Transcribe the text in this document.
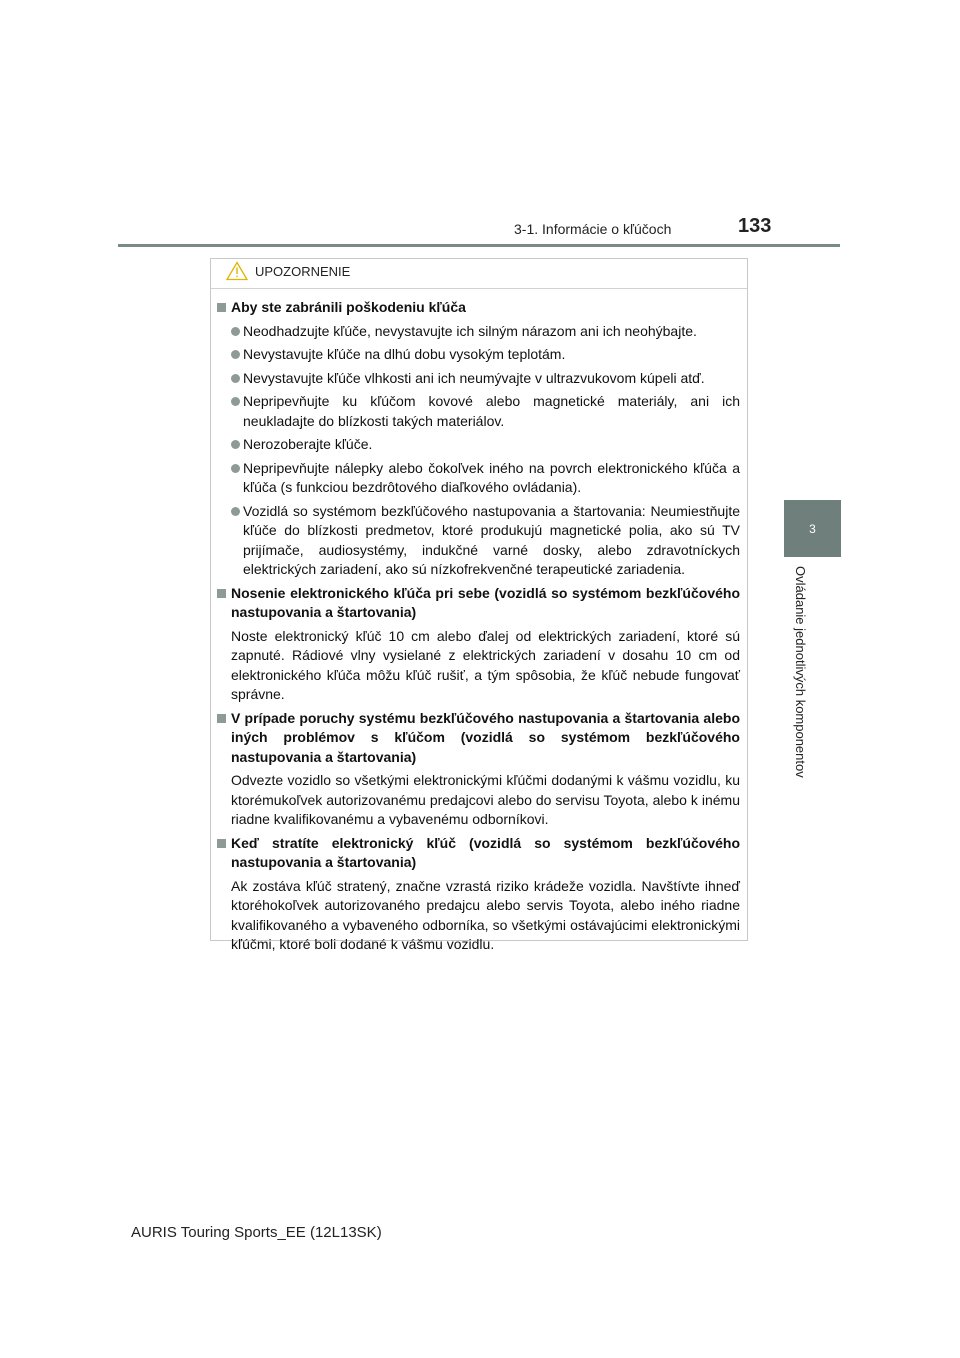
3-1. Informácie o kľúčoch	133
3
Ovládanie jednotlivých komponentov
UPOZORNENIE
Aby ste zabránili poškodeniu kľúča
Neodhadzujte kľúče, nevystavujte ich silným nárazom ani ich neohýbajte.
Nevystavujte kľúče na dlhú dobu vysokým teplotám.
Nevystavujte kľúče vlhkosti ani ich neumývajte v ultrazvukovom kúpeli atď.
Nepripevňujte ku kľúčom kovové alebo magnetické materiály, ani ich neukladajte do blízkosti takých materiálov.
Nerozoberajte kľúče.
Nepripevňujte nálepky alebo čokoľvek iného na povrch elektronického kľúča a kľúča (s funkciou bezdrôtového diaľkového ovládania).
Vozidlá so systémom bezkľúčového nastupovania a štartovania: Neumiestňujte kľúče do blízkosti predmetov, ktoré produkujú magnetické polia, ako sú TV prijímače, audiosystémy, indukčné varné dosky, alebo zdravotníckych elektrických zariadení, ako sú nízkofrekvenčné terapeutické zariadenia.
Nosenie elektronického kľúča pri sebe (vozidlá so systémom bezkľúčového nastupovania a štartovania)
Noste elektronický kľúč 10 cm alebo ďalej od elektrických zariadení, ktoré sú zapnuté. Rádiové vlny vysielané z elektrických zariadení v dosahu 10 cm od elektronického kľúča môžu kľúč rušiť, a tým spôsobia, že kľúč nebude fungovať správne.
V prípade poruchy systému bezkľúčového nastupovania a štartovania alebo iných problémov s kľúčom (vozidlá so systémom bezkľúčového nastupovania a štartovania)
Odvezte vozidlo so všetkými elektronickými kľúčmi dodanými k vášmu vozidlu, ku ktorémukoľvek autorizovanému predajcovi alebo do servisu Toyota, alebo k inému riadne kvalifikovanému a vybavenému odborníkovi.
Keď stratíte elektronický kľúč (vozidlá so systémom bezkľúčového nastupovania a štartovania)
Ak zostáva kľúč stratený, značne vzrastá riziko krádeže vozidla. Navštívte ihneď ktoréhokoľvek autorizovaného predajcu alebo servis Toyota, alebo iného riadne kvalifikovaného a vybaveného odborníka, so všetkými ostávajúcimi elektronickými kľúčmi, ktoré boli dodané k vášmu vozidlu.
AURIS Touring Sports_EE (12L13SK)
